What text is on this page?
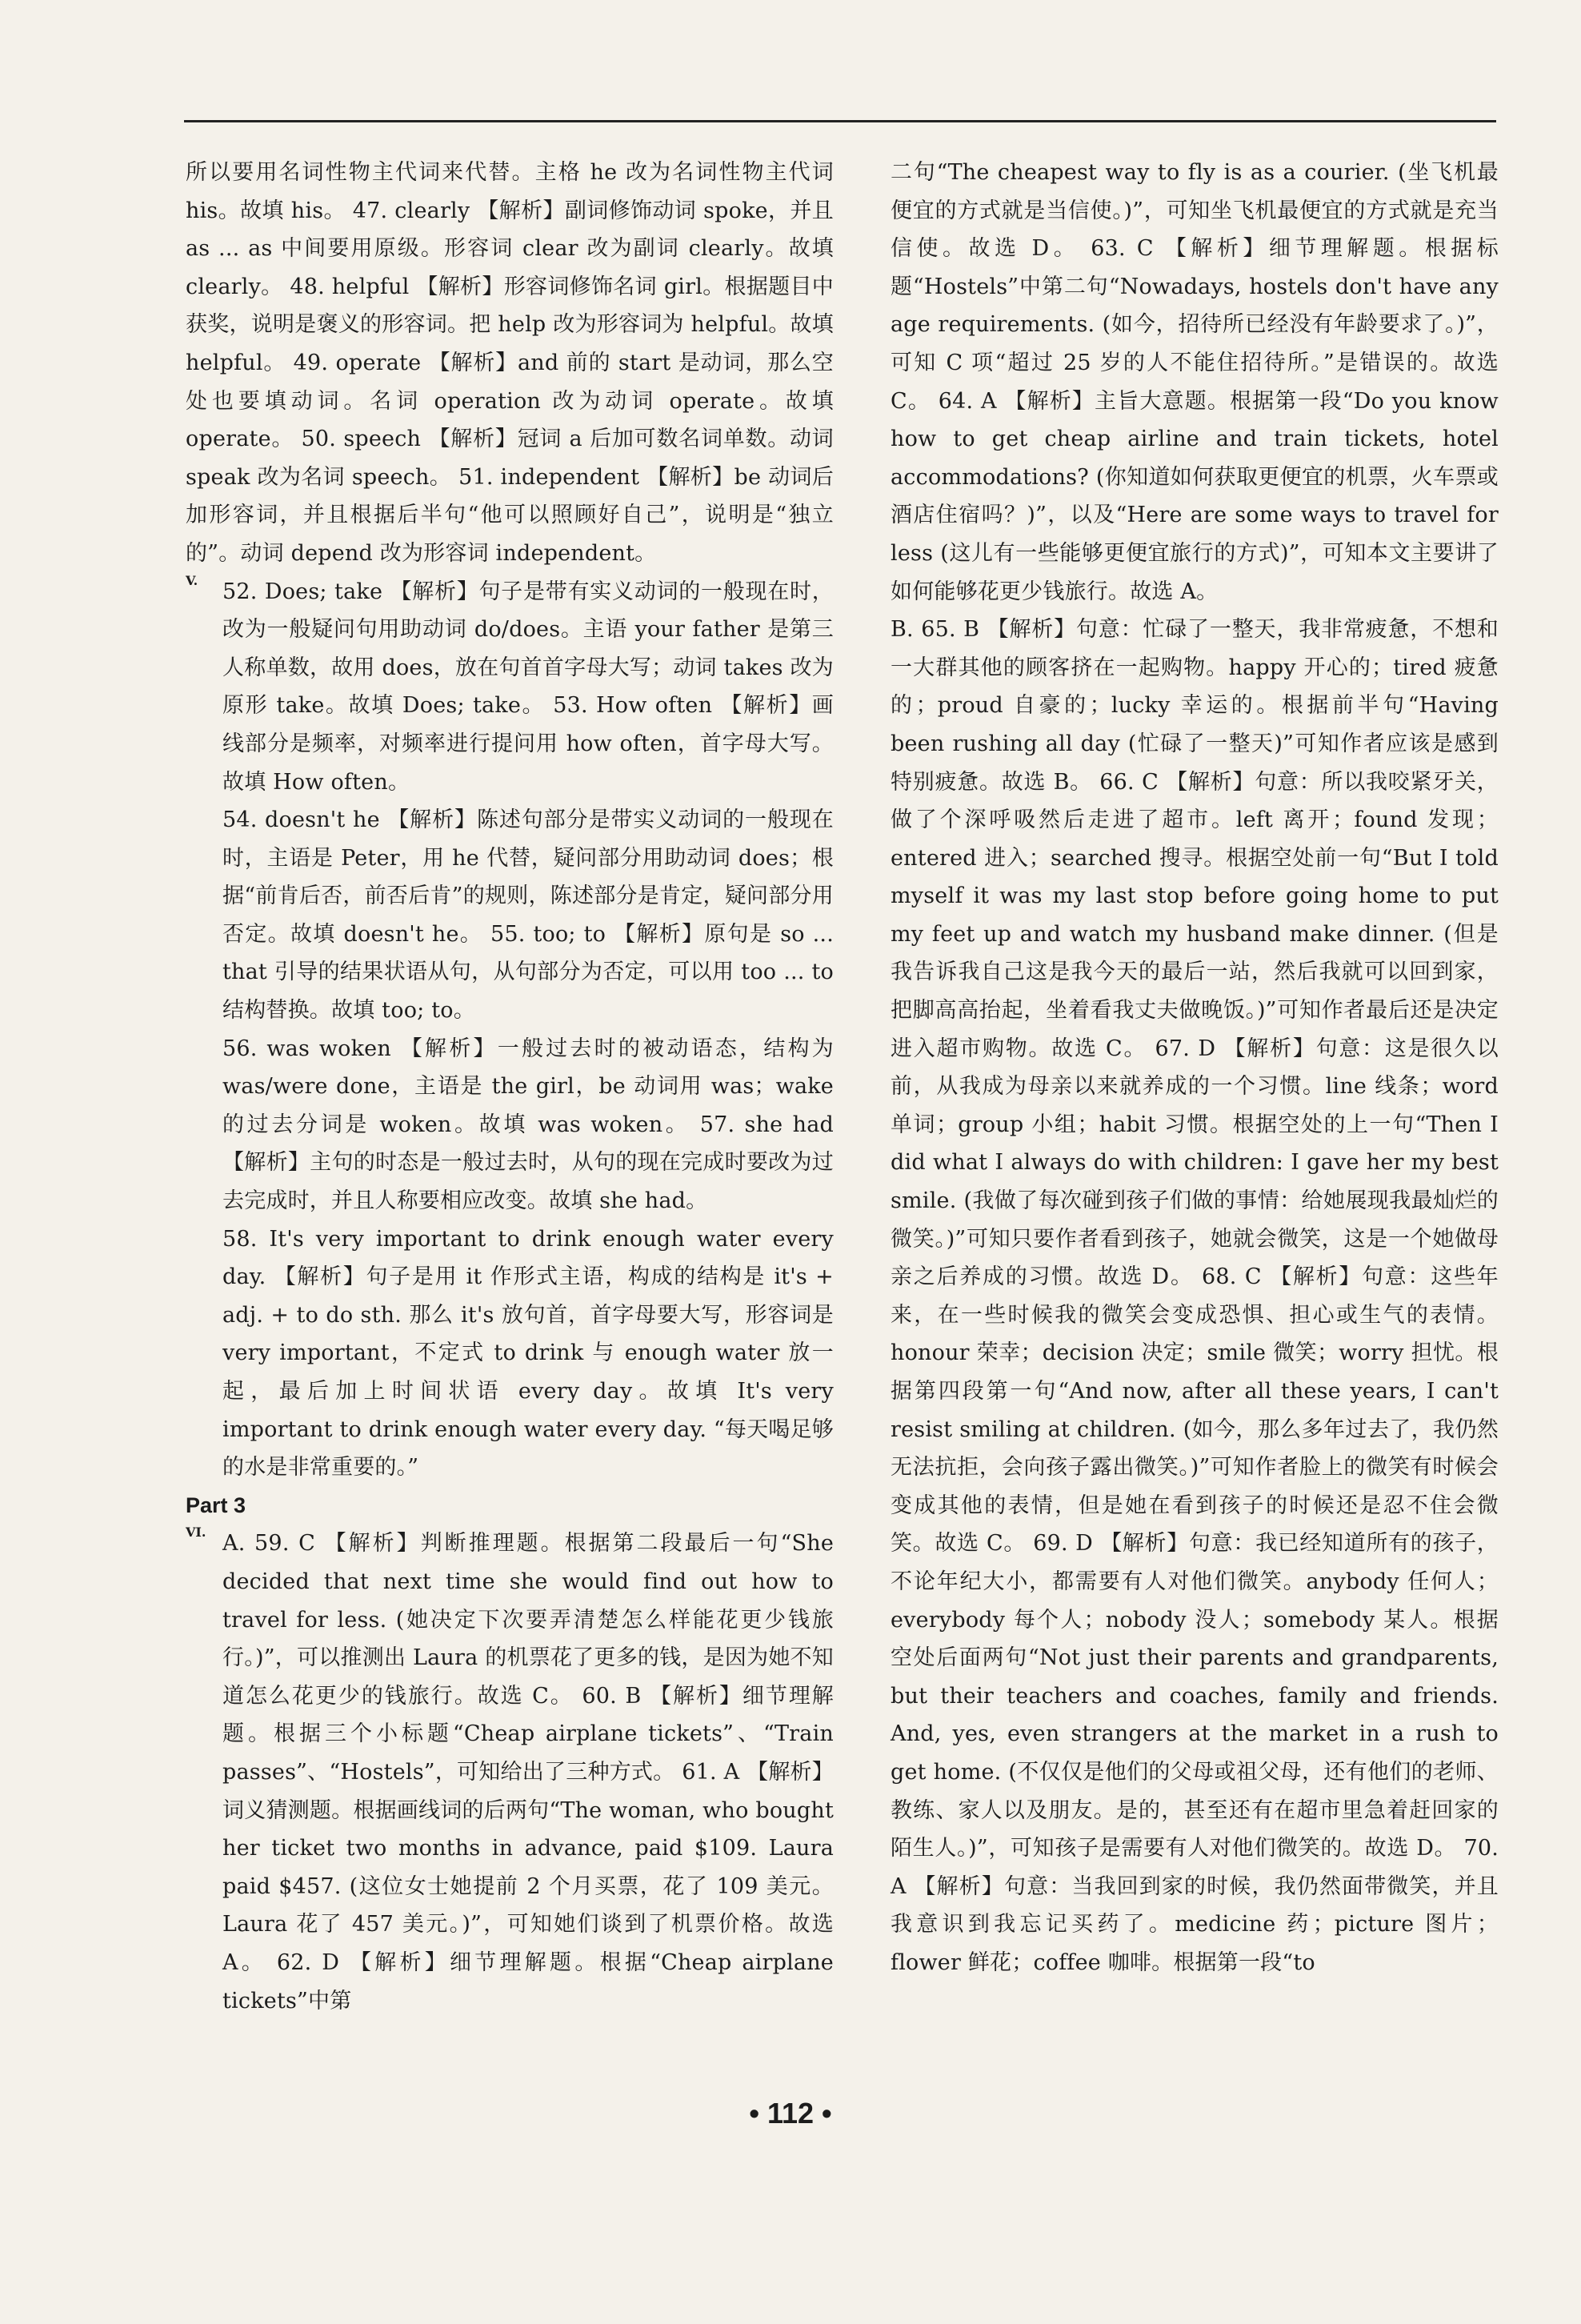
所以要用名词性物主代词来代替。主格 he 改为名词性物主代词 his。故填 his。 47. clearly 【解析】副词修饰动词 spoke，并且 as ... as 中间要用原级。形容词 clear 改为副词 clearly。故填 clearly。 48. helpful 【解析】形容词修饰名词 girl。根据题目中获奖，说明是褒义的形容词。把 help 改为形容词为 helpful。故填 helpful。 49. operate 【解析】and 前的 start 是动词，那么空处也要填动词。名词 operation 改为动词 operate。故填 operate。 50. speech 【解析】冠词 a 后加可数名词单数。动词 speak 改为名词 speech。 51. independent 【解析】be 动词后加形容词，并且根据后半句“他可以照顾好自己”，说明是“独立的”。动词 depend 改为形容词 independent。

V. 52. Does; take 【解析】句子是带有实义动词的一般现在时，改为一般疑问句用助动词 do/does。主语 your father 是第三人称单数，故用 does，放在句首首字母大写；动词 takes 改为原形 take。故填 Does; take。 53. How often 【解析】画线部分是频率，对频率进行提问用 how often，首字母大写。故填 How often。

54. doesn't he 【解析】陈述句部分是带实义动词的一般现在时，主语是 Peter，用 he 代替，疑问部分用助动词 does；根据“前肯后否，前否后肯”的规则，陈述部分是肯定，疑问部分用否定。故填 doesn't he。 55. too; to 【解析】原句是 so ... that 引导的结果状语从句，从句部分为否定，可以用 too ... to 结构替换。故填 too; to。

56. was woken 【解析】一般过去时的被动语态，结构为 was/were done，主语是 the girl，be 动词用 was；wake 的过去分词是 woken。故填 was woken。 57. she had 【解析】主句的时态是一般过去时，从句的现在完成时要改为过去完成时，并且人称要相应改变。故填 she had。

58. It's very important to drink enough water every day. 【解析】句子是用 it 作形式主语，构成的结构是 it's + adj. + to do sth. 那么 it's 放句首，首字母要大写，形容词是 very important，不定式 to drink 与 enough water 放一起，最后加上时间状语 every day。故填 It's very important to drink enough water every day. “每天喝足够的水是非常重要的。”

Part 3

VI. A. 59. C 【解析】判断推理题。根据第二段最后一句“She decided that next time she would find out how to travel for less. (她决定下次要弄清楚怎么样能花更少钱旅行。)”，可以推测出 Laura 的机票花了更多的钱，是因为她不知道怎么花更少的钱旅行。故选 C。 60. B 【解析】细节理解题。根据三个小标题“Cheap airplane tickets”、“Train passes”、“Hostels”，可知给出了三种方式。 61. A 【解析】词义猜测题。根据画线词的后两句“The woman, who bought her ticket two months in advance, paid $109. Laura paid $457. (这位女士她提前 2 个月买票，花了 109 美元。Laura 花了 457 美元。)”，可知她们谈到了机票价格。故选 A。 62. D 【解析】细节理解题。根据“Cheap airplane tickets”中第

二句“The cheapest way to fly is as a courier. (坐飞机最便宜的方式就是当信使。)”，可知坐飞机最便宜的方式就是充当信使。故选 D。 63. C 【解析】细节理解题。根据标题“Hostels”中第二句“Nowadays, hostels don't have any age requirements. (如今，招待所已经没有年龄要求了。)”，可知 C 项“超过 25 岁的人不能住招待所。”是错误的。故选 C。 64. A 【解析】主旨大意题。根据第一段“Do you know how to get cheap airline and train tickets, hotel accommodations? (你知道如何获取更便宜的机票，火车票或酒店住宿吗？)”，以及“Here are some ways to travel for less (这儿有一些能够更便宜旅行的方式)”，可知本文主要讲了如何能够花更少钱旅行。故选 A。

B. 65. B 【解析】句意：忙碌了一整天，我非常疲惫，不想和一大群其他的顾客挤在一起购物。happy 开心的；tired 疲惫的；proud 自豪的；lucky 幸运的。根据前半句“Having been rushing all day (忙碌了一整天)”可知作者应该是感到特别疲惫。故选 B。 66. C 【解析】句意：所以我咬紧牙关，做了个深呼吸然后走进了超市。left 离开；found 发现；entered 进入；searched 搜寻。根据空处前一句“But I told myself it was my last stop before going home to put my feet up and watch my husband make dinner. (但是我告诉我自己这是我今天的最后一站，然后我就可以回到家，把脚高高抬起，坐着看我丈夫做晚饭。)”可知作者最后还是决定进入超市购物。故选 C。 67. D 【解析】句意：这是很久以前，从我成为母亲以来就养成的一个习惯。line 线条；word 单词；group 小组；habit 习惯。根据空处的上一句“Then I did what I always do with children: I gave her my best smile. (我做了每次碰到孩子们做的事情：给她展现我最灿烂的微笑。)”可知只要作者看到孩子，她就会微笑，这是一个她做母亲之后养成的习惯。故选 D。 68. C 【解析】句意：这些年来，在一些时候我的微笑会变成恐惧、担心或生气的表情。honour 荣幸；decision 决定；smile 微笑；worry 担忧。根据第四段第一句“And now, after all these years, I can't resist smiling at children. (如今，那么多年过去了，我仍然无法抗拒，会向孩子露出微笑。)”可知作者脸上的微笑有时候会变成其他的表情，但是她在看到孩子的时候还是忍不住会微笑。故选 C。 69. D 【解析】句意：我已经知道所有的孩子，不论年纪大小，都需要有人对他们微笑。anybody 任何人；everybody 每个人；nobody 没人；somebody 某人。根据空处后面两句“Not just their parents and grandparents, but their teachers and coaches, family and friends. And, yes, even strangers at the market in a rush to get home. (不仅仅是他们的父母或祖父母，还有他们的老师、教练、家人以及朋友。是的，甚至还有在超市里急着赶回家的陌生人。)”，可知孩子是需要有人对他们微笑的。故选 D。 70. A 【解析】句意：当我回到家的时候，我仍然面带微笑，并且我意识到我忘记买药了。medicine 药；picture 图片；flower 鲜花；coffee 咖啡。根据第一段“to

• 112 •
